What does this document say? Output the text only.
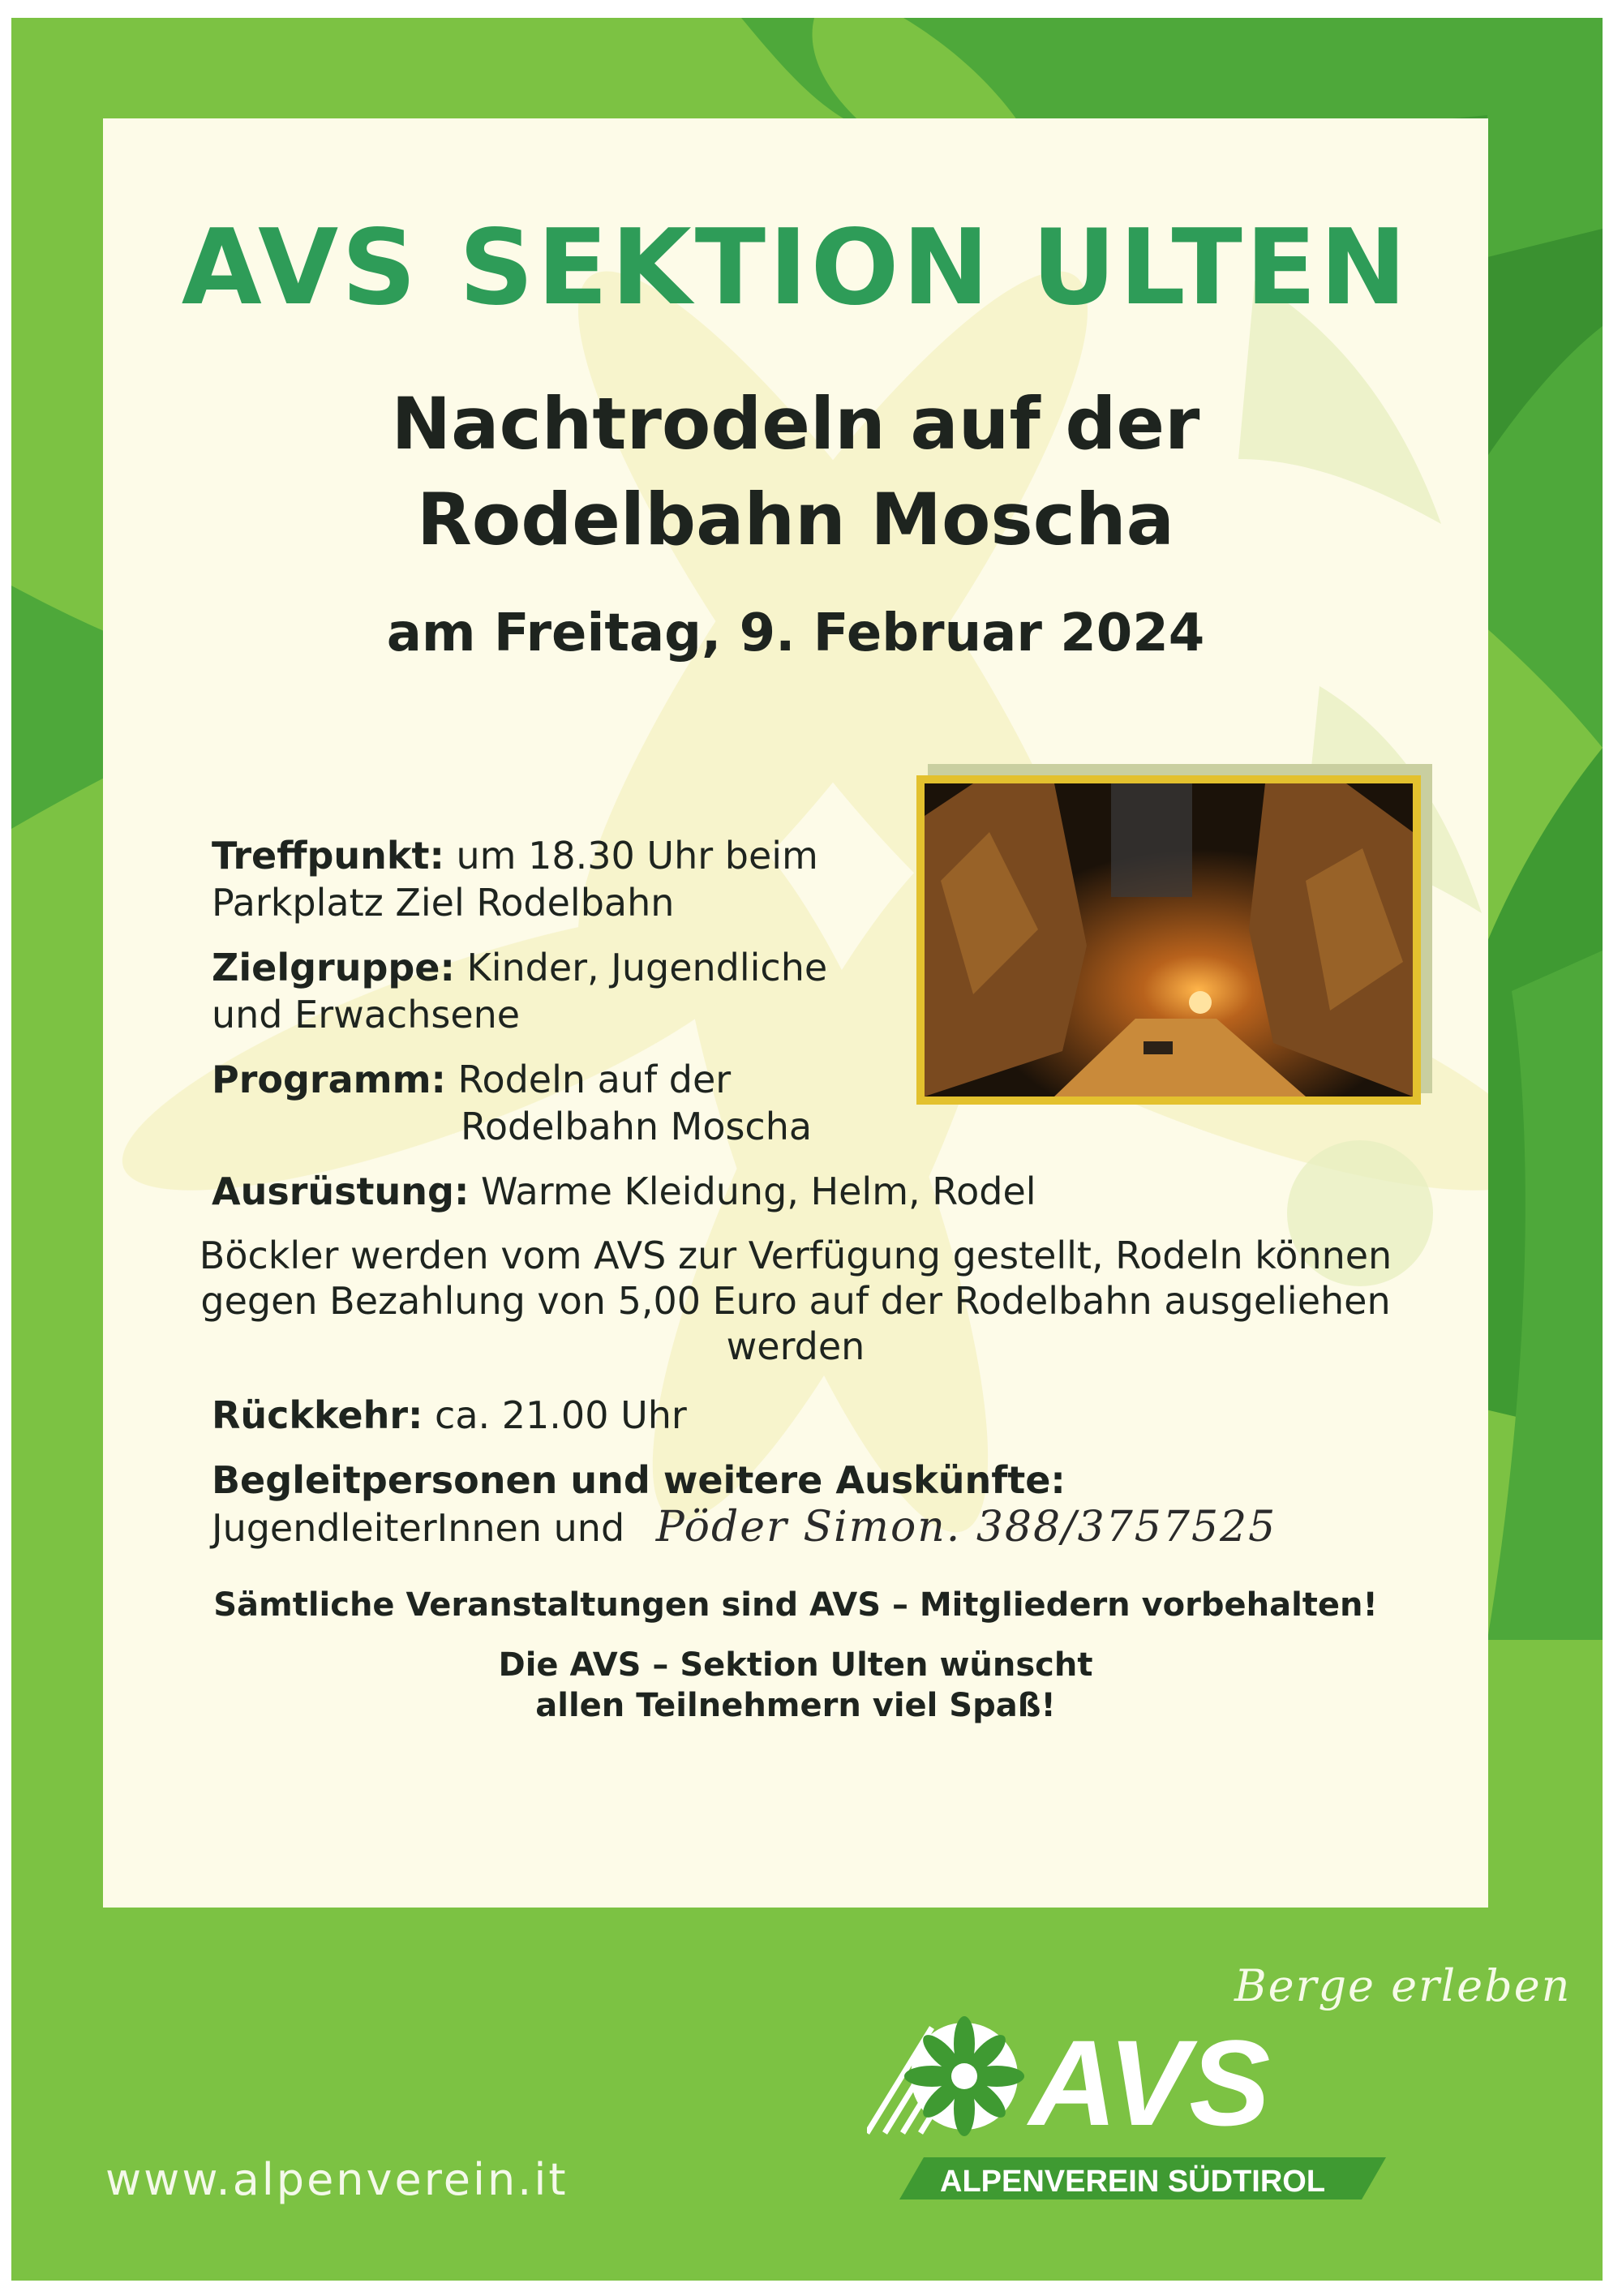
AVS SEKTION ULTEN
Nachtrodeln auf der
Rodelbahn Moscha
am Freitag, 9. Februar 2024
Treffpunkt: um 18.30 Uhr beim
Parkplatz Ziel Rodelbahn
Zielgruppe: Kinder, Jugendliche
und Erwachsene
Programm: Rodeln auf der
Rodelbahn Moscha
Ausrüstung: Warme Kleidung, Helm, Rodel
Böckler werden vom AVS zur Verfügung gestellt, Rodeln können
gegen Bezahlung von 5,00 Euro auf der Rodelbahn ausgeliehen
werden
Rückkehr: ca. 21.00 Uhr
Begleitpersonen und weitere Auskünfte:
JugendleiterInnen und Pöder Simon. 388/3757525
Sämtliche Veranstaltungen sind AVS – Mitgliedern vorbehalten!
Die AVS – Sektion Ulten wünscht
allen Teilnehmern viel Spaß!
Berge erleben
AVS
ALPENVEREIN SÜDTIROL
www.alpenverein.it
